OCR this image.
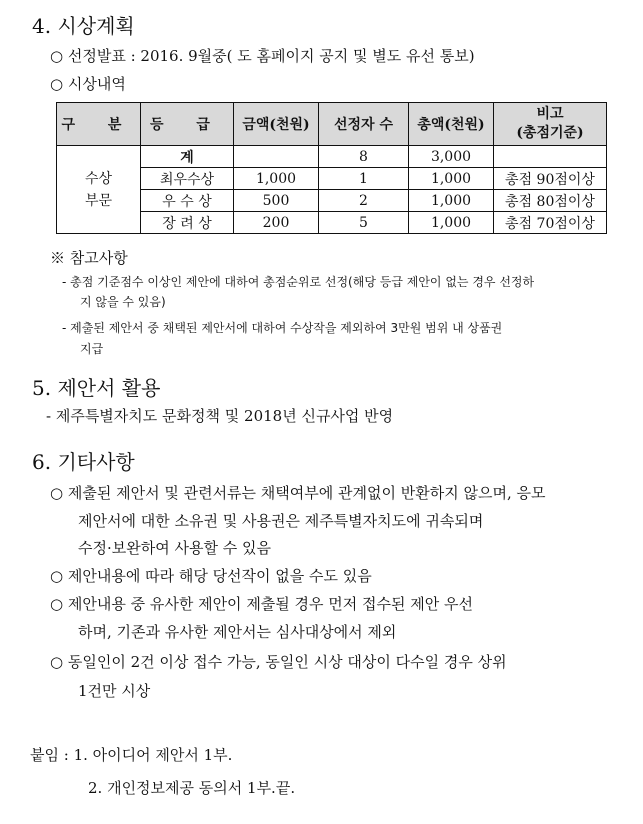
4. 시상계획
○ 선정발표 : 2016. 9월중( 도 홈페이지 공지 및 별도 유선 통보)
○ 시상내역
구 분	등 급	금액(천원)	선정자 수	총액(천원)	비고
(총점기준)
수상
부문	계		8	3,000	
	최우수상	1,000	1	1,000	총점 90점이상
	우 수 상	500	2	1,000	총점 80점이상
	장 려 상	200	5	1,000	총점 70점이상
※ 참고사항
- 총점 기준점수 이상인 제안에 대하여 총점순위로 선정(해당 등급 제안이 없는 경우 선정하
지 않을 수 있음)
- 제출된 제안서 중 채택된 제안서에 대하여 수상작을 제외하여 3만원 범위 내 상품권
지급
5. 제안서 활용
- 제주특별자치도 문화정책 및 2018년 신규사업 반영
6. 기타사항
○ 제출된 제안서 및 관련서류는 채택여부에 관계없이 반환하지 않으며, 응모
제안서에 대한 소유권 및 사용권은 제주특별자치도에 귀속되며
수정·보완하여 사용할 수 있음
○ 제안내용에 따라 해당 당선작이 없을 수도 있음
○ 제안내용 중 유사한 제안이 제출될 경우 먼저 접수된 제안 우선
하며, 기존과 유사한 제안서는 심사대상에서 제외
○ 동일인이 2건 이상 접수 가능, 동일인 시상 대상이 다수일 경우 상위
1건만 시상
붙임 : 1. 아이디어 제안서 1부.
2. 개인정보제공 동의서 1부.끝.
